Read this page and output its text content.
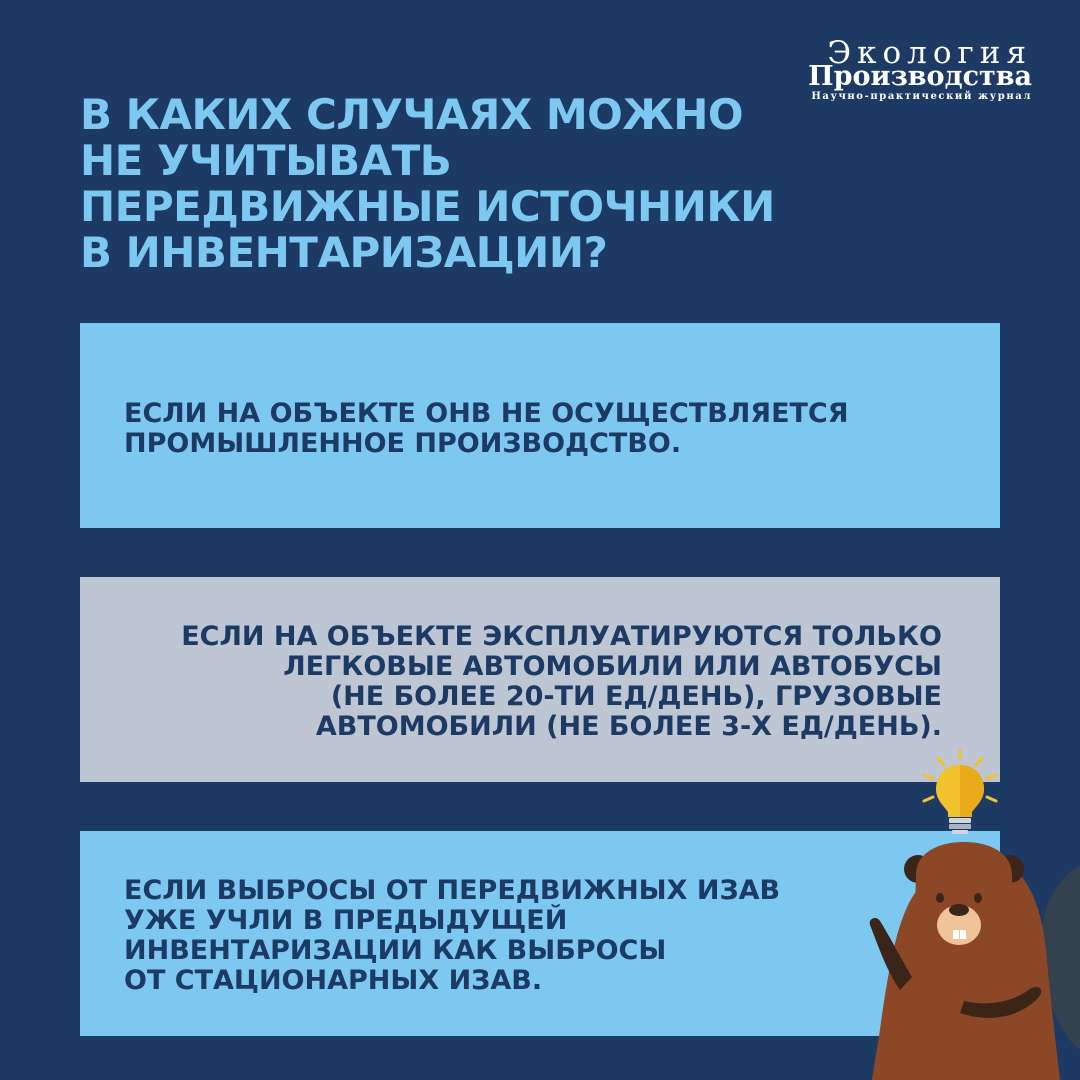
Экология
Производства
Научно-практический журнал
В КАКИХ СЛУЧАЯХ МОЖНО
НЕ УЧИТЫВАТЬ
ПЕРЕДВИЖНЫЕ ИСТОЧНИКИ
В ИНВЕНТАРИЗАЦИИ?
ЕСЛИ НА ОБЪЕКТЕ ОНВ НЕ ОСУЩЕСТВЛЯЕТСЯ
ПРОМЫШЛЕННОЕ ПРОИЗВОДСТВО.
ЕСЛИ НА ОБЪЕКТЕ ЭКСПЛУАТИРУЮТСЯ ТОЛЬКО
ЛЕГКОВЫЕ АВТОМОБИЛИ ИЛИ АВТОБУСЫ
(НЕ БОЛЕЕ 20-ТИ ЕД/ДЕНЬ), ГРУЗОВЫЕ
АВТОМОБИЛИ (НЕ БОЛЕЕ 3-Х ЕД/ДЕНЬ).
ЕСЛИ ВЫБРОСЫ ОТ ПЕРЕДВИЖНЫХ ИЗАВ
УЖЕ УЧЛИ В ПРЕДЫДУЩЕЙ
ИНВЕНТАРИЗАЦИИ КАК ВЫБРОСЫ
ОТ СТАЦИОНАРНЫХ ИЗАВ.
